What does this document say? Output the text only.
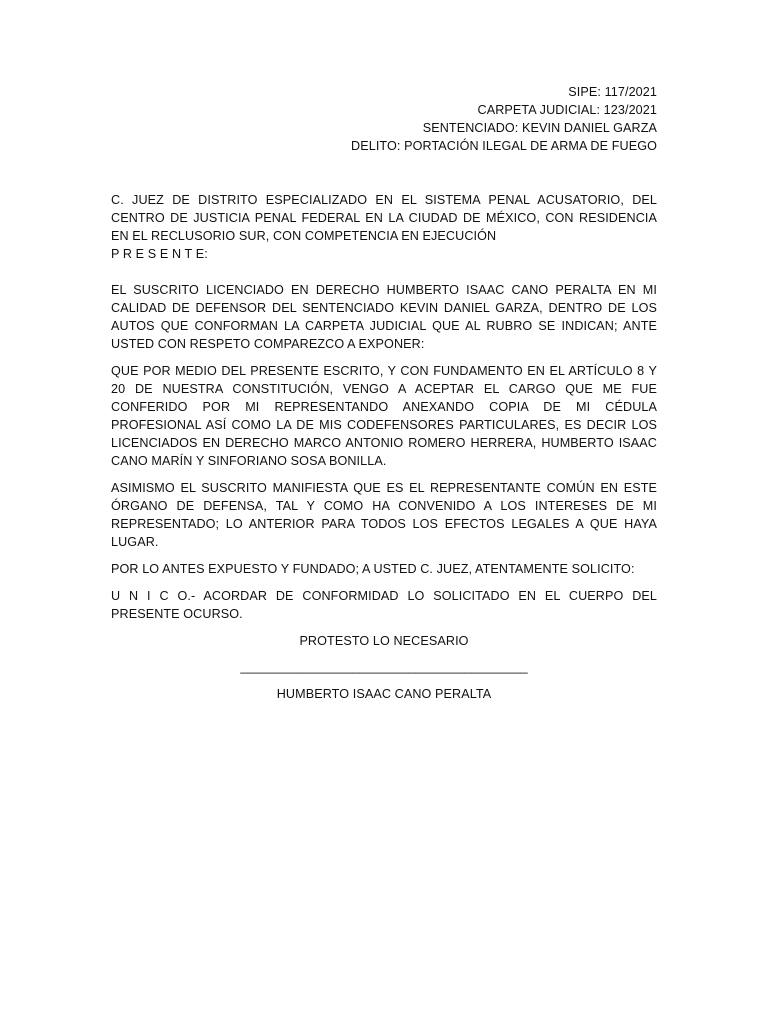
SIPE: 117/2021
CARPETA JUDICIAL: 123/2021
SENTENCIADO: KEVIN DANIEL GARZA
DELITO: PORTACIÓN ILEGAL DE ARMA DE FUEGO
C. JUEZ DE DISTRITO ESPECIALIZADO EN EL SISTEMA PENAL ACUSATORIO, DEL CENTRO DE JUSTICIA PENAL FEDERAL EN LA CIUDAD DE MÉXICO, CON RESIDENCIA EN EL RECLUSORIO SUR, CON COMPETENCIA EN EJECUCIÓN
P R E S E N T E:

EL SUSCRITO LICENCIADO EN DERECHO HUMBERTO ISAAC CANO PERALTA EN MI CALIDAD DE DEFENSOR DEL SENTENCIADO KEVIN DANIEL GARZA, DENTRO DE LOS AUTOS QUE CONFORMAN LA CARPETA JUDICIAL QUE AL RUBRO SE INDICAN; ANTE USTED CON RESPETO COMPAREZCO A EXPONER:

QUE POR MEDIO DEL PRESENTE ESCRITO, Y CON FUNDAMENTO EN EL ARTÍCULO 8 Y 20 DE NUESTRA CONSTITUCIÓN, VENGO A ACEPTAR EL CARGO QUE ME FUE CONFERIDO POR MI REPRESENTANDO ANEXANDO COPIA DE MI CÉDULA PROFESIONAL ASÍ COMO LA DE MIS CODEFENSORES PARTICULARES, ES DECIR LOS LICENCIADOS EN DERECHO MARCO ANTONIO ROMERO HERRERA, HUMBERTO ISAAC CANO MARÍN Y SINFORIANO SOSA BONILLA.

ASIMISMO EL SUSCRITO MANIFIESTA QUE ES EL REPRESENTANTE COMÚN EN ESTE ÓRGANO DE DEFENSA, TAL Y COMO HA CONVENIDO A LOS INTERESES DE MI REPRESENTADO; LO ANTERIOR PARA TODOS LOS EFECTOS LEGALES A QUE HAYA LUGAR.

POR LO ANTES EXPUESTO Y FUNDADO; A USTED C. JUEZ, ATENTAMENTE SOLICITO:

U N I C O.- ACORDAR DE CONFORMIDAD LO SOLICITADO EN EL CUERPO DEL PRESENTE OCURSO.

PROTESTO LO NECESARIO
_________________________________________
HUMBERTO ISAAC CANO PERALTA
